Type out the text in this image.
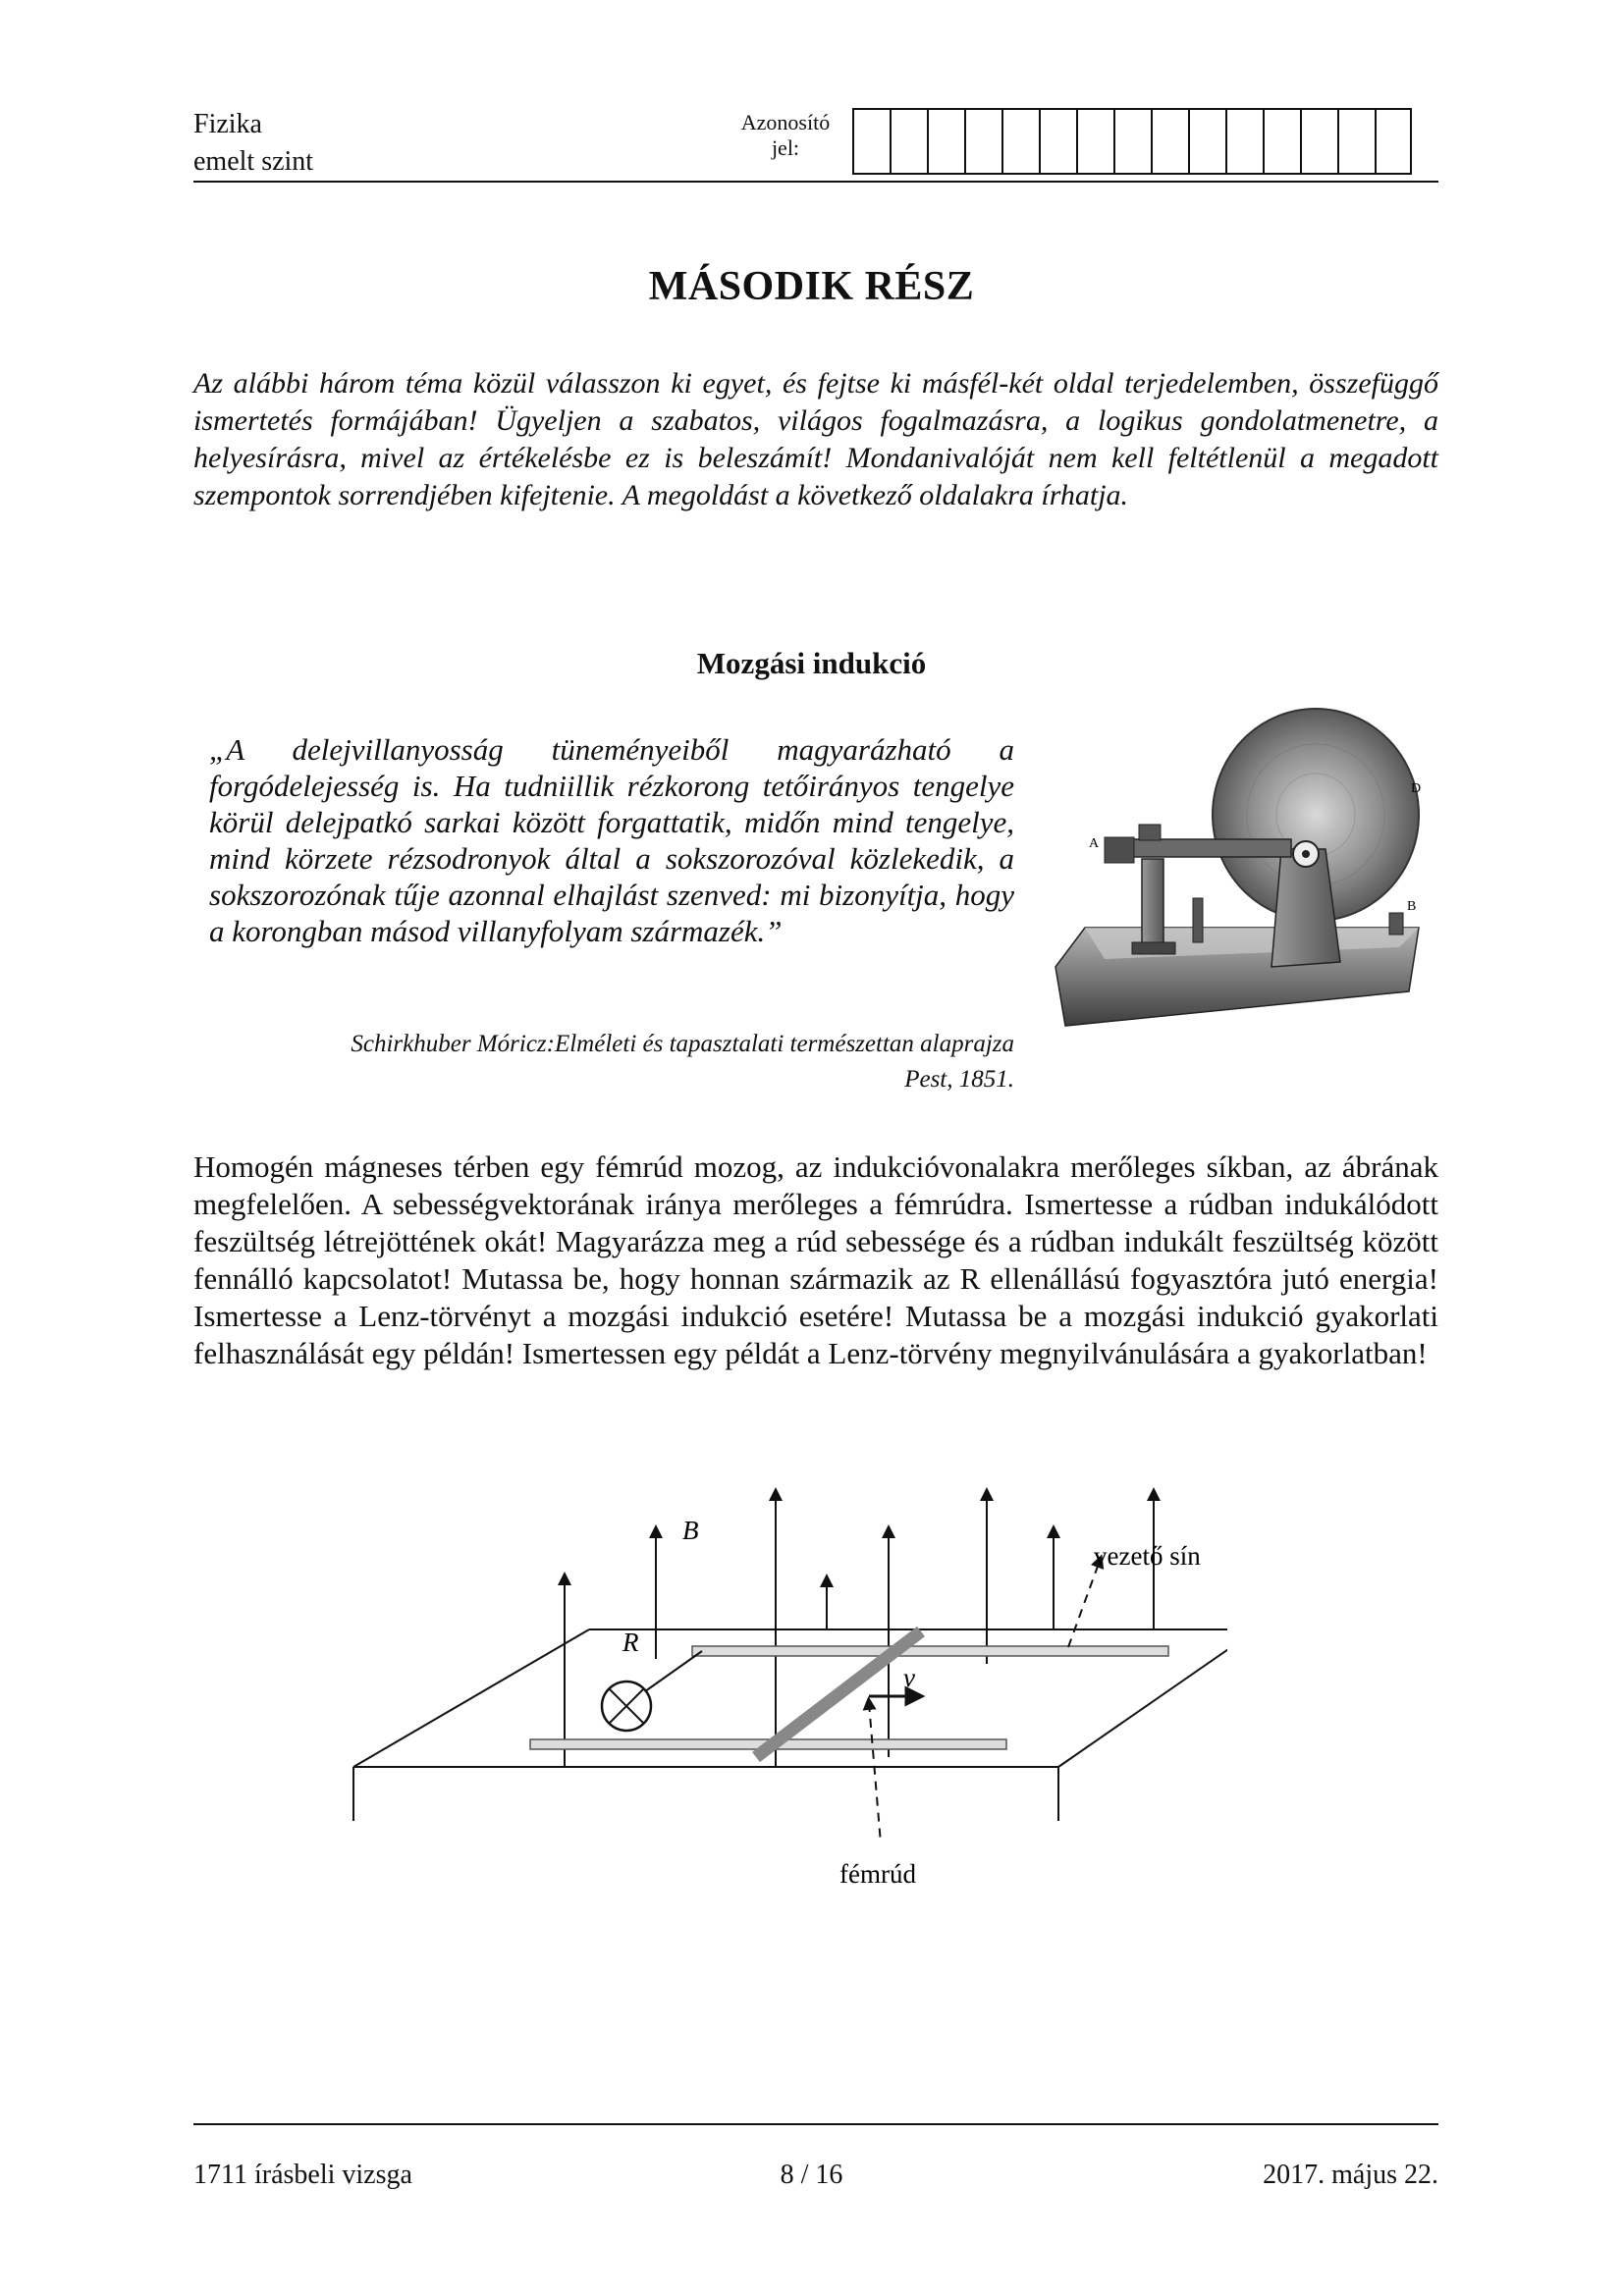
Fizika
emelt szint
Azonosító
jel:
MÁSODIK RÉSZ
Az alábbi három téma közül válasszon ki egyet, és fejtse ki másfél-két oldal terjedelemben, összefüggő ismertetés formájában! Ügyeljen a szabatos, világos fogalmazásra, a logikus gondolatmenetre, a helyesírásra, mivel az értékelésbe ez is beleszámít! Mondanivalóját nem kell feltétlenül a megadott szempontok sorrendjében kifejtenie. A megoldást a következő oldalakra írhatja.
Mozgási indukció
„A delejvillanyosság tüneményeiből magyarázható a forgódelejesség is. Ha tudniillik rézkorong tetőirányos tengelye körül delejpatkó sarkai között forgattatik, midőn mind tengelye, mind körzete rézsodronyok által a sokszorozóval közlekedik, a sokszorozónak tűje azonnal elhajlást szenved: mi bizonyítja, hogy a korongban másod villanyfolyam származék.”
Schirkhuber Móricz:Elméleti és tapasztalati természettan alaprajza
Pest, 1851.
A
B
D
Homogén mágneses térben egy fémrúd mozog, az indukcióvonalakra merőleges síkban, az ábrának megfelelően. A sebességvektorának iránya merőleges a fémrúdra. Ismertesse a rúdban indukálódott feszültség létrejöttének okát! Magyarázza meg a rúd sebessége és a rúdban indukált feszültség között fennálló kapcsolatot! Mutassa be, hogy honnan származik az R ellenállású fogyasztóra jutó energia! Ismertesse a Lenz-törvényt a mozgási indukció esetére! Mutassa be a mozgási indukció gyakorlati felhasználását egy példán! Ismertessen egy példát a Lenz-törvény megnyilvánulására a gyakorlatban!
B
R
v
vezető sín
fémrúd
1711 írásbeli vizsga	8 / 16	2017. május 22.
